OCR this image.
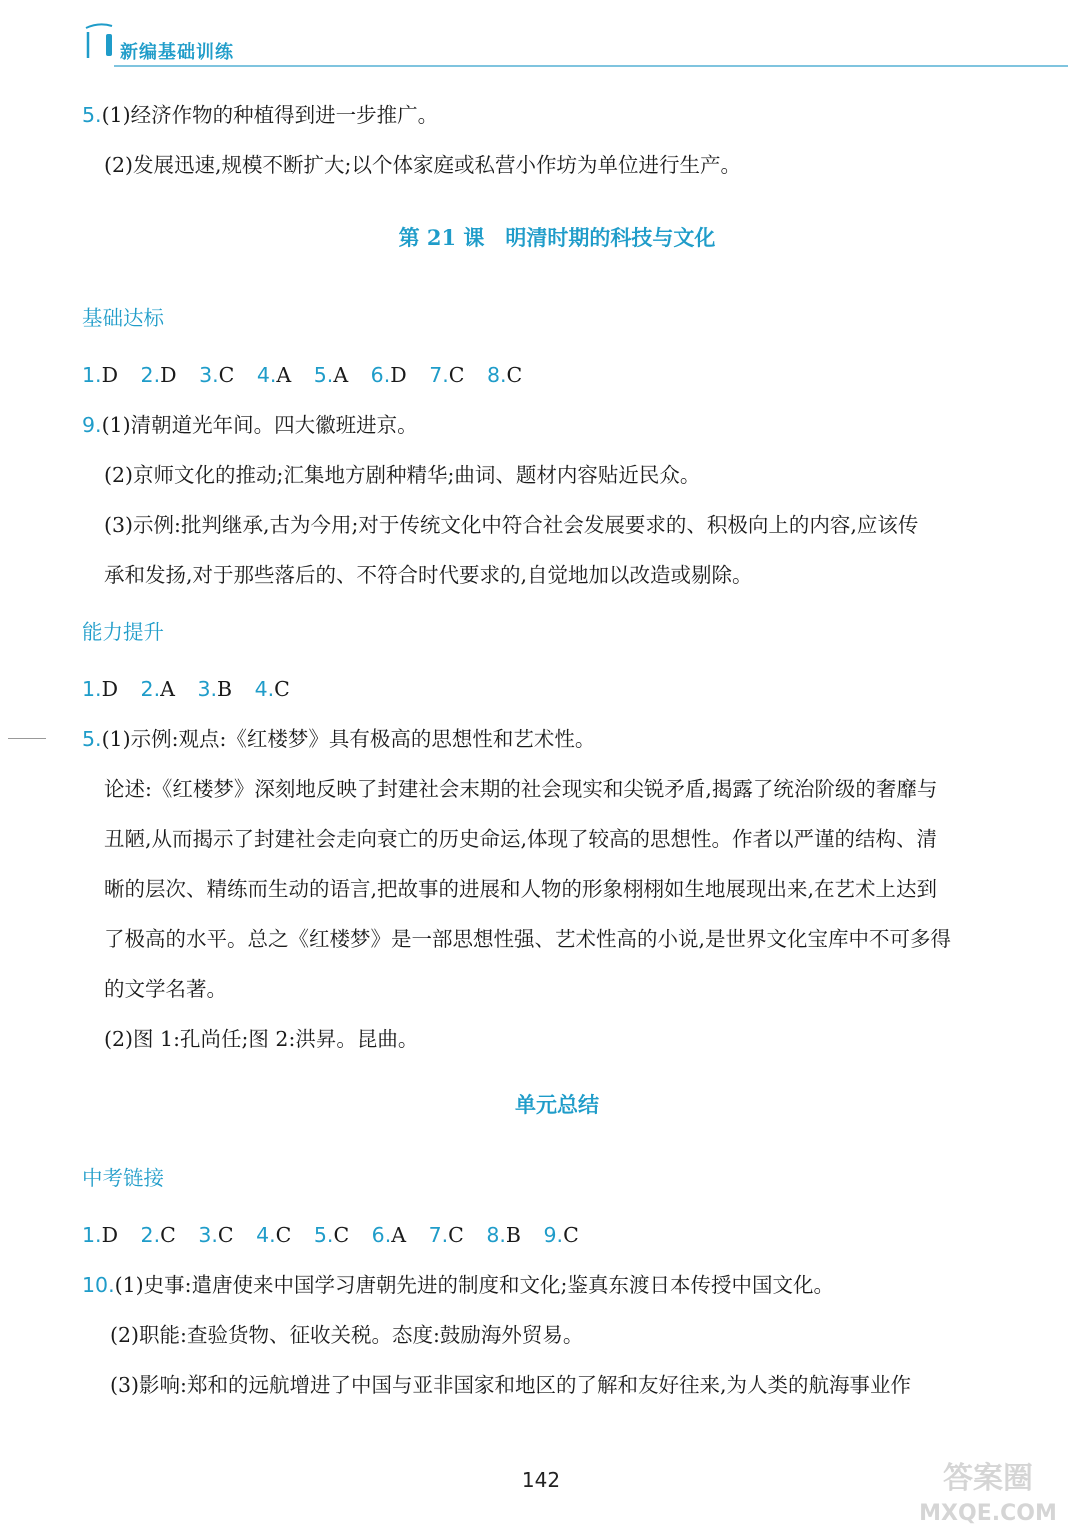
新编基础训练
5.(1)经济作物的种植得到进一步推广。
(2)发展迅速,规模不断扩大;以个体家庭或私营小作坊为单位进行生产。
第 21 课　明清时期的科技与文化
基础达标
1.D 2.D 3.C 4.A 5.A 6.D 7.C 8.C
9.(1)清朝道光年间。四大徽班进京。
(2)京师文化的推动;汇集地方剧种精华;曲词、题材内容贴近民众。
(3)示例:批判继承,古为今用;对于传统文化中符合社会发展要求的、积极向上的内容,应该传
承和发扬,对于那些落后的、不符合时代要求的,自觉地加以改造或剔除。
能力提升
1.D 2.A 3.B 4.C
5.(1)示例:观点:《红楼梦》具有极高的思想性和艺术性。
论述:《红楼梦》深刻地反映了封建社会末期的社会现实和尖锐矛盾,揭露了统治阶级的奢靡与
丑陋,从而揭示了封建社会走向衰亡的历史命运,体现了较高的思想性。作者以严谨的结构、清
晰的层次、精练而生动的语言,把故事的进展和人物的形象栩栩如生地展现出来,在艺术上达到
了极高的水平。总之《红楼梦》是一部思想性强、艺术性高的小说,是世界文化宝库中不可多得
的文学名著。
(2)图 1:孔尚任;图 2:洪昇。昆曲。
单元总结
中考链接
1.D 2.C 3.C 4.C 5.C 6.A 7.C 8.B 9.C
10.(1)史事:遣唐使来中国学习唐朝先进的制度和文化;鉴真东渡日本传授中国文化。
(2)职能:查验货物、征收关税。态度:鼓励海外贸易。
(3)影响:郑和的远航增进了中国与亚非国家和地区的了解和友好往来,为人类的航海事业作
142	答案圈
MXQE.COM
